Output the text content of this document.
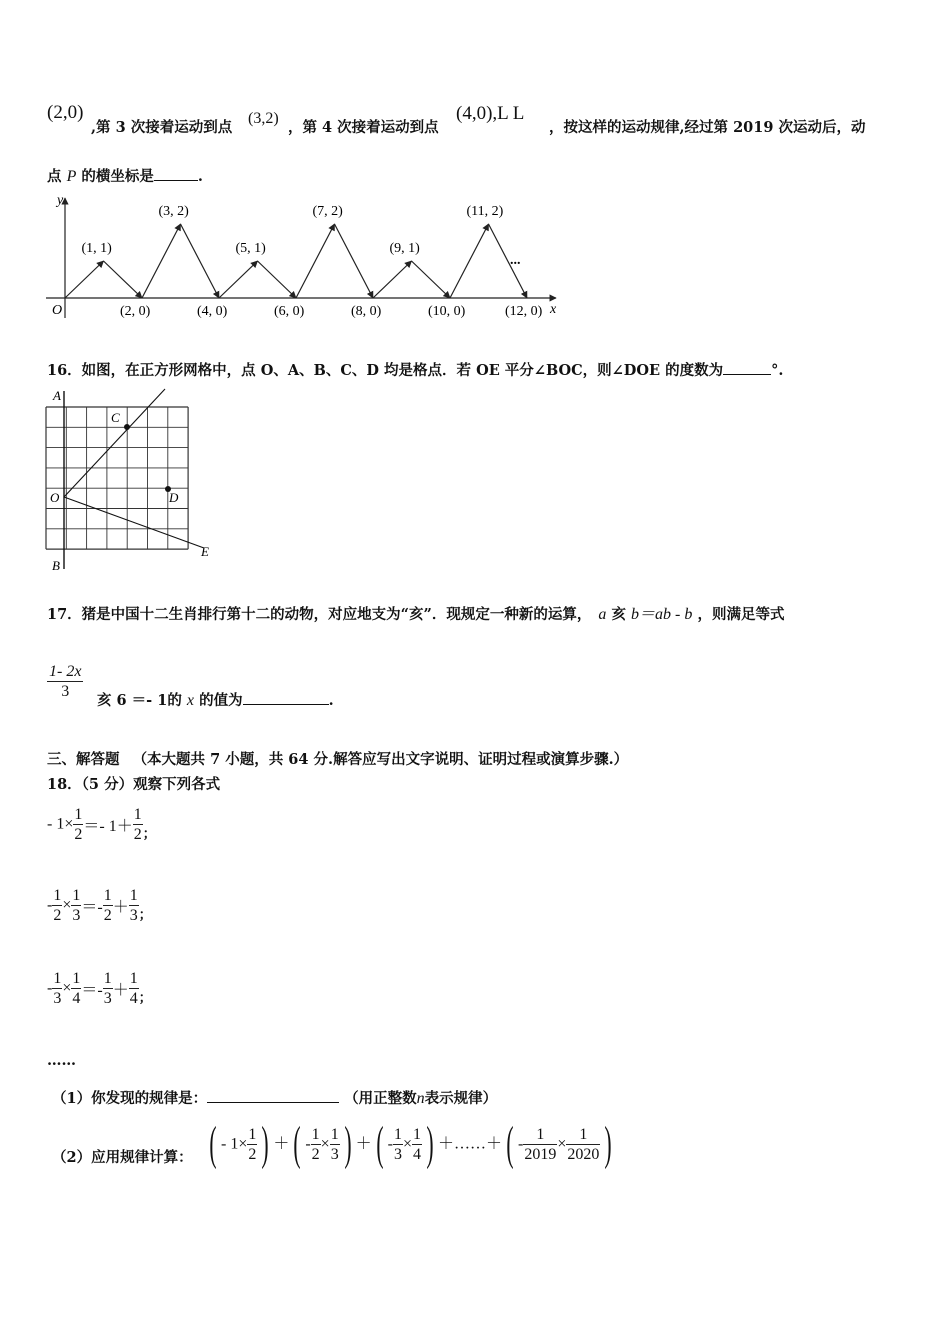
(2,0)
,第 3 次接着运动到点
(3,2)
，第 4 次接着运动到点
(4,0),L L
，按这样的运动规律,经过第 2019 次运动后，动
点 P 的横坐标是	.
y
x
O
(1, 1)
(3, 2)
(5, 1)
(7, 2)
(9, 1)
(11, 2)
(2, 0)	(4, 0)	(6, 0)	(8, 0)	(10, 0)	(12, 0)
...
16．如图，在正方形网格中，点 O、A、B、C、D 均是格点．若 OE 平分∠BOC，则∠DOE 的度数为	°.
A
C
O	D
B
E
17．猪是中国十二生肖排行第十二的动物，对应地支为“亥”．现规定一种新的运算， a 亥 b＝ab - b ，则满足等式
$\frac{1- 2x}{3}$ 亥 6 ＝- 1的 x 的值为	.
三、解答题 （本大题共 7 小题，共 64 分.解答应写出文字说明、证明过程或演算步骤.）
18．（5 分）观察下列各式
- $1\times \frac{1}{2} =- 1+ \frac{1}{2} _;$
- $\frac{1}{2} \times \frac{1}{3} =- \frac{1}{2} + \frac{1}{3} _;$
- $\frac{1}{3} \times \frac{1}{4} =- \frac{1}{3} + \frac{1}{4} _;$
……
（1）你发现的规律是：	（用正整数n表示规律）
（2）应用规律计算： ( - $1\times \frac{1}{2}$ ) ＋( - $\frac{1}{2} \times \frac{1}{3}$ ) ＋( - $\frac{1}{3} \times \frac{1}{4}$ ) ＋……＋( - $\frac{1}{2019} \times \frac{1}{2020}$ )
